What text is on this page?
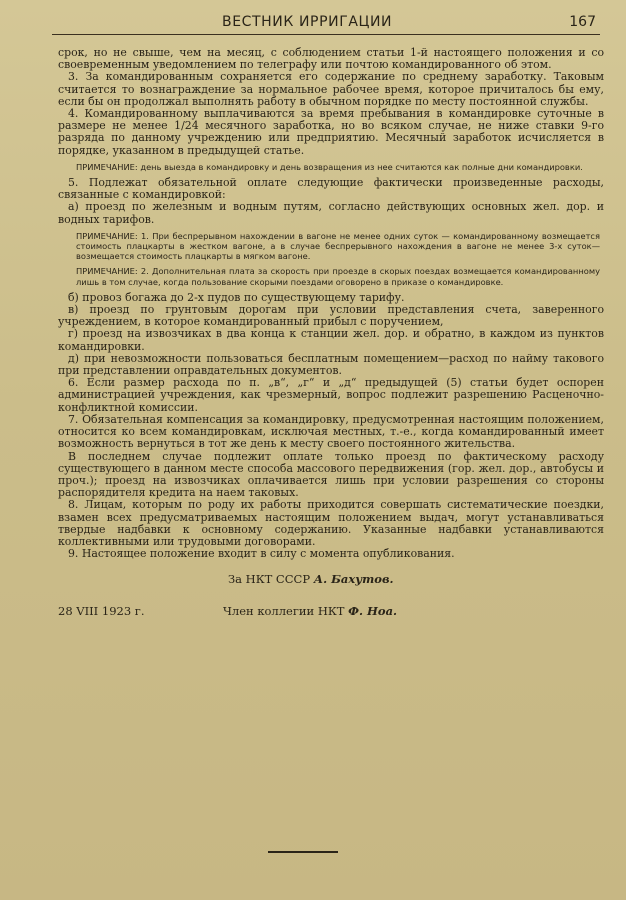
ВЕСТНИК ИРРИГАЦИИ	167

срок, но не свыше, чем на месяц, с соблюдением статьи 1-й настоящего положения и со своевременным уведомлением по телеграфу или почтою командированного об этом.

3. За командированным сохраняется его содержание по среднему заработку. Таковым считается то вознаграждение за нормальное рабочее время, которое причиталось бы ему, если бы он продолжал выполнять работу в обычном порядке по месту постоянной службы.

4. Командированному выплачиваются за время пребывания в командировке суточные в размере не менее 1/24 месячного заработка, но во всяком случае, не ниже ставки 9-го разряда по данному учреждению или предприятию. Месячный заработок исчисляется в порядке, указанном в предыдущей статье.

ПРИМЕЧАНИЕ: день выезда в командировку и день возвращения из нее считаются как полные дни командировки.

5. Подлежат обязательной оплате следующие фактически произведенные расходы, связанные с командировкой:

а) проезд по железным и водным путям, согласно действующих основных жел. дор. и водных тарифов.

ПРИМЕЧАНИЕ: 1. При беспрерывном нахождении в вагоне не менее одних суток — командированному возмещается стоимость плацкарты в жестком вагоне, а в случае беспрерывного нахождения в вагоне не менее 3-х суток—возмещается стоимость плацкарты в мягком вагоне.

ПРИМЕЧАНИЕ: 2. Дополнительная плата за скорость при проезде в скорых поездах возмещается командированному лишь в том случае, когда пользование скорыми поездами оговорено в приказе о командировке.

б) провоз богажа до 2-х пудов по существующему тарифу.

в) проезд по грунтовым дорогам при условии представления счета, заверенного учреждением, в которое командированный прибыл с поручением,

г) проезд на извозчиках в два конца к станции жел. дор. и обратно, в каждом из пунктов командировки.

д) при невозможности пользоваться бесплатным помещением—расход по найму такового при представлении оправдательных документов.

6. Если размер расхода по п. „в“, „г“ и „д“ предыдущей (5) статьи будет оспорен администрацией учреждения, как чрезмерный, вопрос подлежит разрешению Расценочно-конфликтной комиссии.

7. Обязательная компенсация за командировку, предусмотренная настоящим положением, относится ко всем командировкам, исключая местных, т.-е., когда командированный имеет возможность вернуться в тот же день к месту своего постоянного жительства.

В последнем случае подлежит оплате только проезд по фактическому расходу существующего в данном месте способа массового передвижения (гор. жел. дор., автобусы и проч.); проезд на извозчиках оплачивается лишь при условии разрешения со стороны распорядителя кредита на наем таковых.

8. Лицам, которым по роду их работы приходится совершать систематические поездки, взамен всех предусматриваемых настоящим положением выдач, могут устанавливаться твердые надбавки к основному содержанию. Указанные надбавки устанавливаются коллективными или трудовыми договорами.

9. Настоящее положение входит в силу с момента опубликования.

За НКТ СССР А. Бахутов.
28 VIII 1923 г.	Член коллегии НКТ Ф. Ноа.
